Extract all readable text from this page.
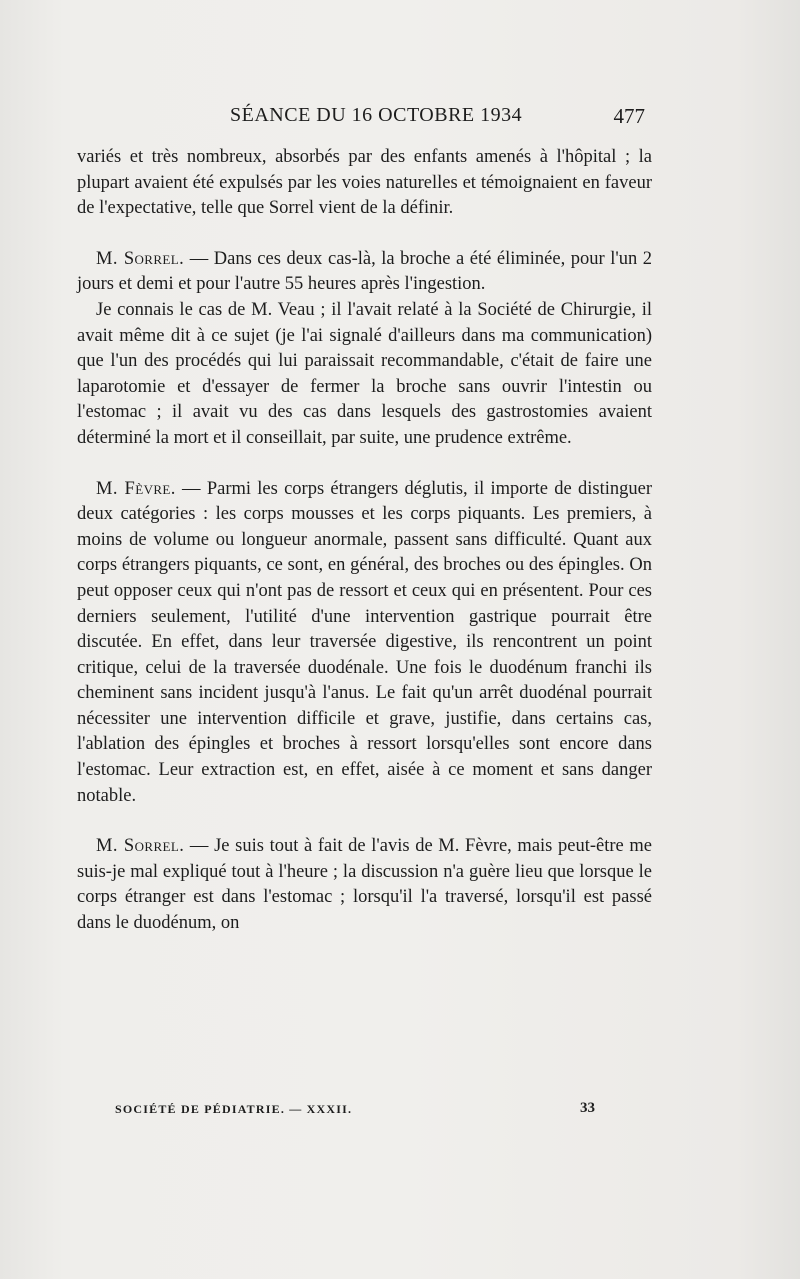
SÉANCE DU 16 OCTOBRE 1934	477

variés et très nombreux, absorbés par des enfants amenés à l'hôpital ; la plupart avaient été expulsés par les voies naturelles et témoignaient en faveur de l'expectative, telle que Sorrel vient de la définir.

M. Sorrel. — Dans ces deux cas-là, la broche a été éliminée, pour l'un 2 jours et demi et pour l'autre 55 heures après l'ingestion.

Je connais le cas de M. Veau ; il l'avait relaté à la Société de Chirurgie, il avait même dit à ce sujet (je l'ai signalé d'ailleurs dans ma communication) que l'un des procédés qui lui paraissait recommandable, c'était de faire une laparotomie et d'essayer de fermer la broche sans ouvrir l'intestin ou l'estomac ; il avait vu des cas dans lesquels des gastrostomies avaient déterminé la mort et il conseillait, par suite, une prudence extrême.

M. Fèvre. — Parmi les corps étrangers déglutis, il importe de distinguer deux catégories : les corps mousses et les corps piquants. Les premiers, à moins de volume ou longueur anormale, passent sans difficulté. Quant aux corps étrangers piquants, ce sont, en général, des broches ou des épingles. On peut opposer ceux qui n'ont pas de ressort et ceux qui en présentent. Pour ces derniers seulement, l'utilité d'une intervention gastrique pourrait être discutée. En effet, dans leur traversée digestive, ils rencontrent un point critique, celui de la traversée duodénale. Une fois le duodénum franchi ils cheminent sans incident jusqu'à l'anus. Le fait qu'un arrêt duodénal pourrait nécessiter une intervention difficile et grave, justifie, dans certains cas, l'ablation des épingles et broches à ressort lorsqu'elles sont encore dans l'estomac. Leur extraction est, en effet, aisée à ce moment et sans danger notable.

M. Sorrel. — Je suis tout à fait de l'avis de M. Fèvre, mais peut-être me suis-je mal expliqué tout à l'heure ; la discussion n'a guère lieu que lorsque le corps étranger est dans l'estomac ; lorsqu'il l'a traversé, lorsqu'il est passé dans le duodénum, on

SOCIÉTÉ DE PÉDIATRIE. — XXXII.	33
